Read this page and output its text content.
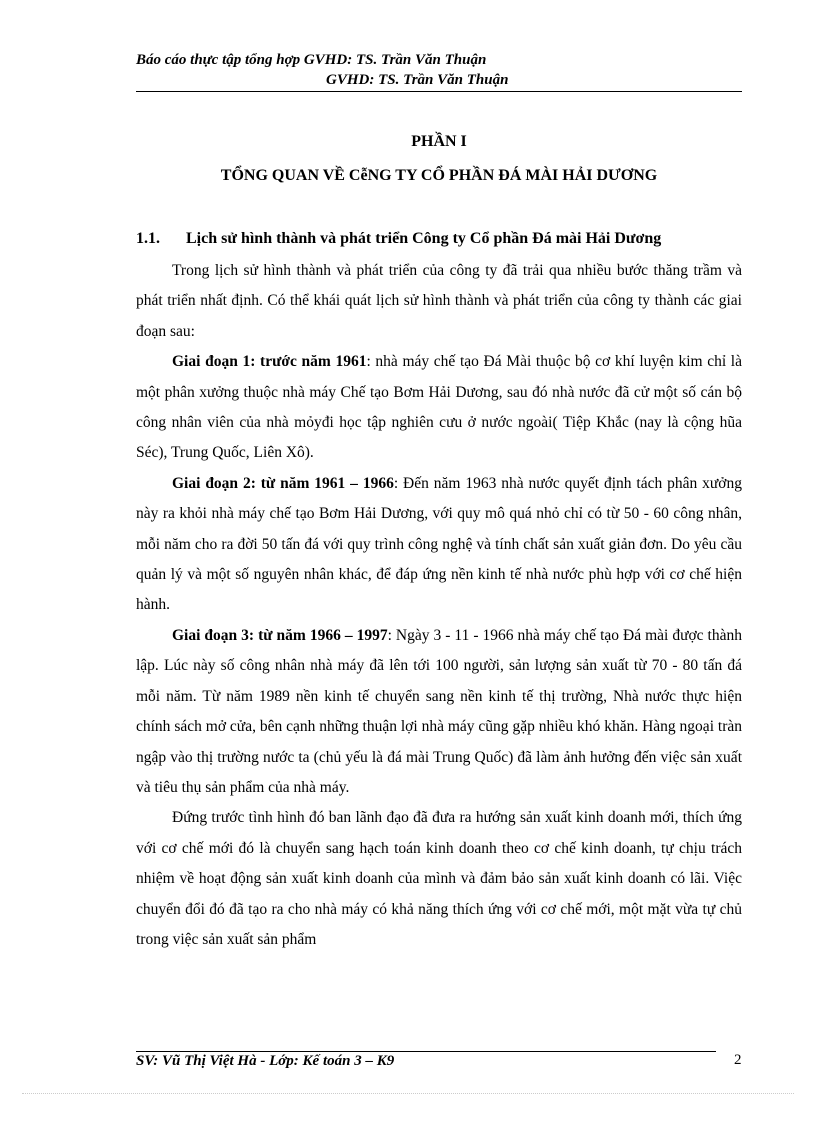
Báo cáo thực tập tổng hợp GVHD: TS. Trần Văn Thuận
GVHD: TS. Trần Văn Thuận
PHẦN I
TỔNG QUAN VỀ CễNG TY CỔ PHẦN ĐÁ MÀI HẢI DƯƠNG
1.1. Lịch sử hình thành và phát triển Công ty Cổ phần Đá mài Hải Dương

Trong lịch sử hình thành và phát triển của công ty đã trải qua nhiều bước thăng trầm và phát triển nhất định. Có thể khái quát lịch sử hình thành và phát triển của công ty thành các giai đoạn sau:

Giai đoạn 1: trước năm 1961: nhà máy chế tạo Đá Mài thuộc bộ cơ khí luyện kim chỉ là một phân xưởng thuộc nhà máy Chế tạo Bơm Hải Dương, sau đó nhà nước đã cử một số cán bộ công nhân viên của nhà mỏyđi học tập nghiên cưu ở nước ngoài( Tiệp Khắc (nay là cộng hũa Séc), Trung Quốc, Liên Xô).

Giai đoạn 2: từ năm 1961 – 1966: Đến năm 1963 nhà nước quyết định tách phân xưởng này ra khỏi nhà máy chế tạo Bơm Hải Dương, với quy mô quá nhỏ chỉ có từ 50 - 60 công nhân, mỗi năm cho ra đời 50 tấn đá với quy trình công nghệ và tính chất sản xuất giản đơn. Do yêu cầu quản lý và một số nguyên nhân khác, để đáp ứng nền kinh tế nhà nước phù hợp với cơ chế hiện hành.

Giai đoạn 3: từ năm 1966 – 1997: Ngày 3 - 11 - 1966 nhà máy chế tạo Đá mài được thành lập. Lúc này số công nhân nhà máy đã lên tới 100 người, sản lượng sản xuất từ 70 - 80 tấn đá mỗi năm. Từ năm 1989 nền kinh tế chuyển sang nền kinh tế thị trường, Nhà nước thực hiện chính sách mở cửa, bên cạnh những thuận lợi nhà máy cũng gặp nhiều khó khăn. Hàng ngoại tràn ngập vào thị trường nước ta (chủ yếu là đá mài Trung Quốc) đã làm ảnh hưởng đến việc sản xuất và tiêu thụ sản phẩm của nhà máy.

Đứng trước tình hình đó ban lãnh đạo đã đưa ra hướng sản xuất kinh doanh mới, thích ứng với cơ chế mới đó là chuyển sang hạch toán kinh doanh theo cơ chế kinh doanh, tự chịu trách nhiệm về hoạt động sản xuất kinh doanh của mình và đảm bảo sản xuất kinh doanh có lãi. Việc chuyển đổi đó đã tạo ra cho nhà máy có khả năng thích ứng với cơ chế mới, một mặt vừa tự chủ trong việc sản xuất sản phẩm

SV: Vũ Thị Việt Hà - Lớp: Kế toán 3 – K9	2
